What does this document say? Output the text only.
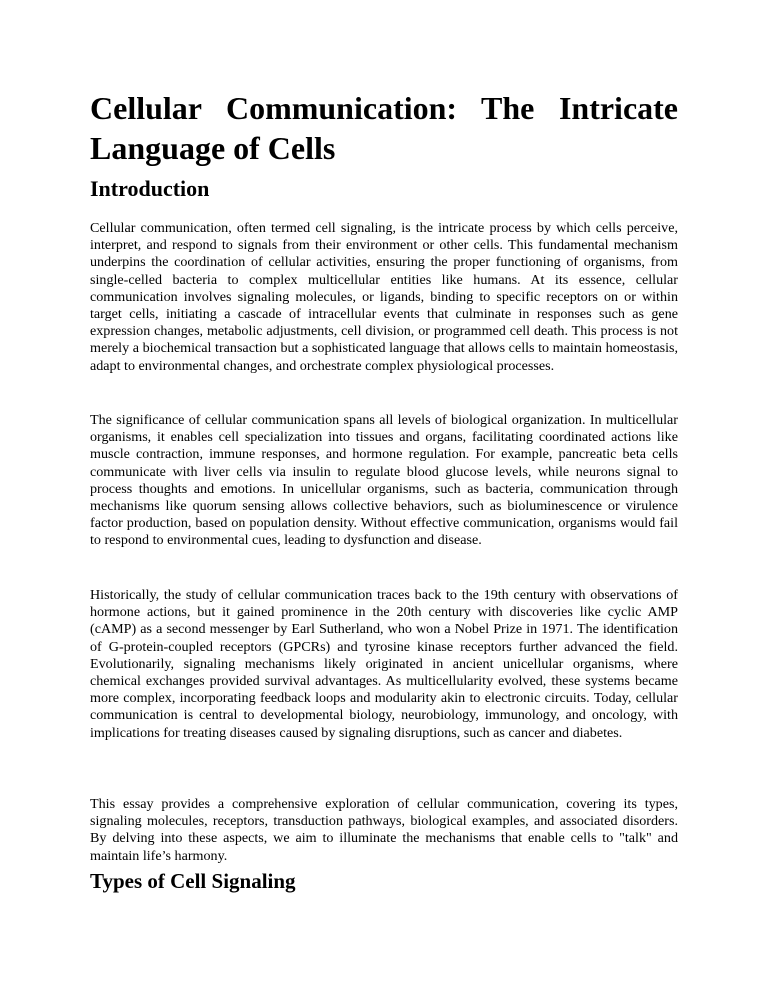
Cellular Communication: The Intricate Language of Cells
Introduction

Cellular communication, often termed cell signaling, is the intricate process by which cells perceive, interpret, and respond to signals from their environment or other cells. This fundamental mechanism underpins the coordination of cellular activities, ensuring the proper functioning of organisms, from single-celled bacteria to complex multicellular entities like humans. At its essence, cellular communication involves signaling molecules, or ligands, binding to specific receptors on or within target cells, initiating a cascade of intracellular events that culminate in responses such as gene expression changes, metabolic adjustments, cell division, or programmed cell death. This process is not merely a biochemical transaction but a sophisticated language that allows cells to maintain homeostasis, adapt to environmental changes, and orchestrate complex physiological processes.

The significance of cellular communication spans all levels of biological organization. In multicellular organisms, it enables cell specialization into tissues and organs, facilitating coordinated actions like muscle contraction, immune responses, and hormone regulation. For example, pancreatic beta cells communicate with liver cells via insulin to regulate blood glucose levels, while neurons signal to process thoughts and emotions. In unicellular organisms, such as bacteria, communication through mechanisms like quorum sensing allows collective behaviors, such as bioluminescence or virulence factor production, based on population density. Without effective communication, organisms would fail to respond to environmental cues, leading to dysfunction and disease.

Historically, the study of cellular communication traces back to the 19th century with observations of hormone actions, but it gained prominence in the 20th century with discoveries like cyclic AMP (cAMP) as a second messenger by Earl Sutherland, who won a Nobel Prize in 1971. The identification of G-protein-coupled receptors (GPCRs) and tyrosine kinase receptors further advanced the field. Evolutionarily, signaling mechanisms likely originated in ancient unicellular organisms, where chemical exchanges provided survival advantages. As multicellularity evolved, these systems became more complex, incorporating feedback loops and modularity akin to electronic circuits. Today, cellular communication is central to developmental biology, neurobiology, immunology, and oncology, with implications for treating diseases caused by signaling disruptions, such as cancer and diabetes.

This essay provides a comprehensive exploration of cellular communication, covering its types, signaling molecules, receptors, transduction pathways, biological examples, and associated disorders. By delving into these aspects, we aim to illuminate the mechanisms that enable cells to "talk" and maintain life’s harmony.

Types of Cell Signaling
